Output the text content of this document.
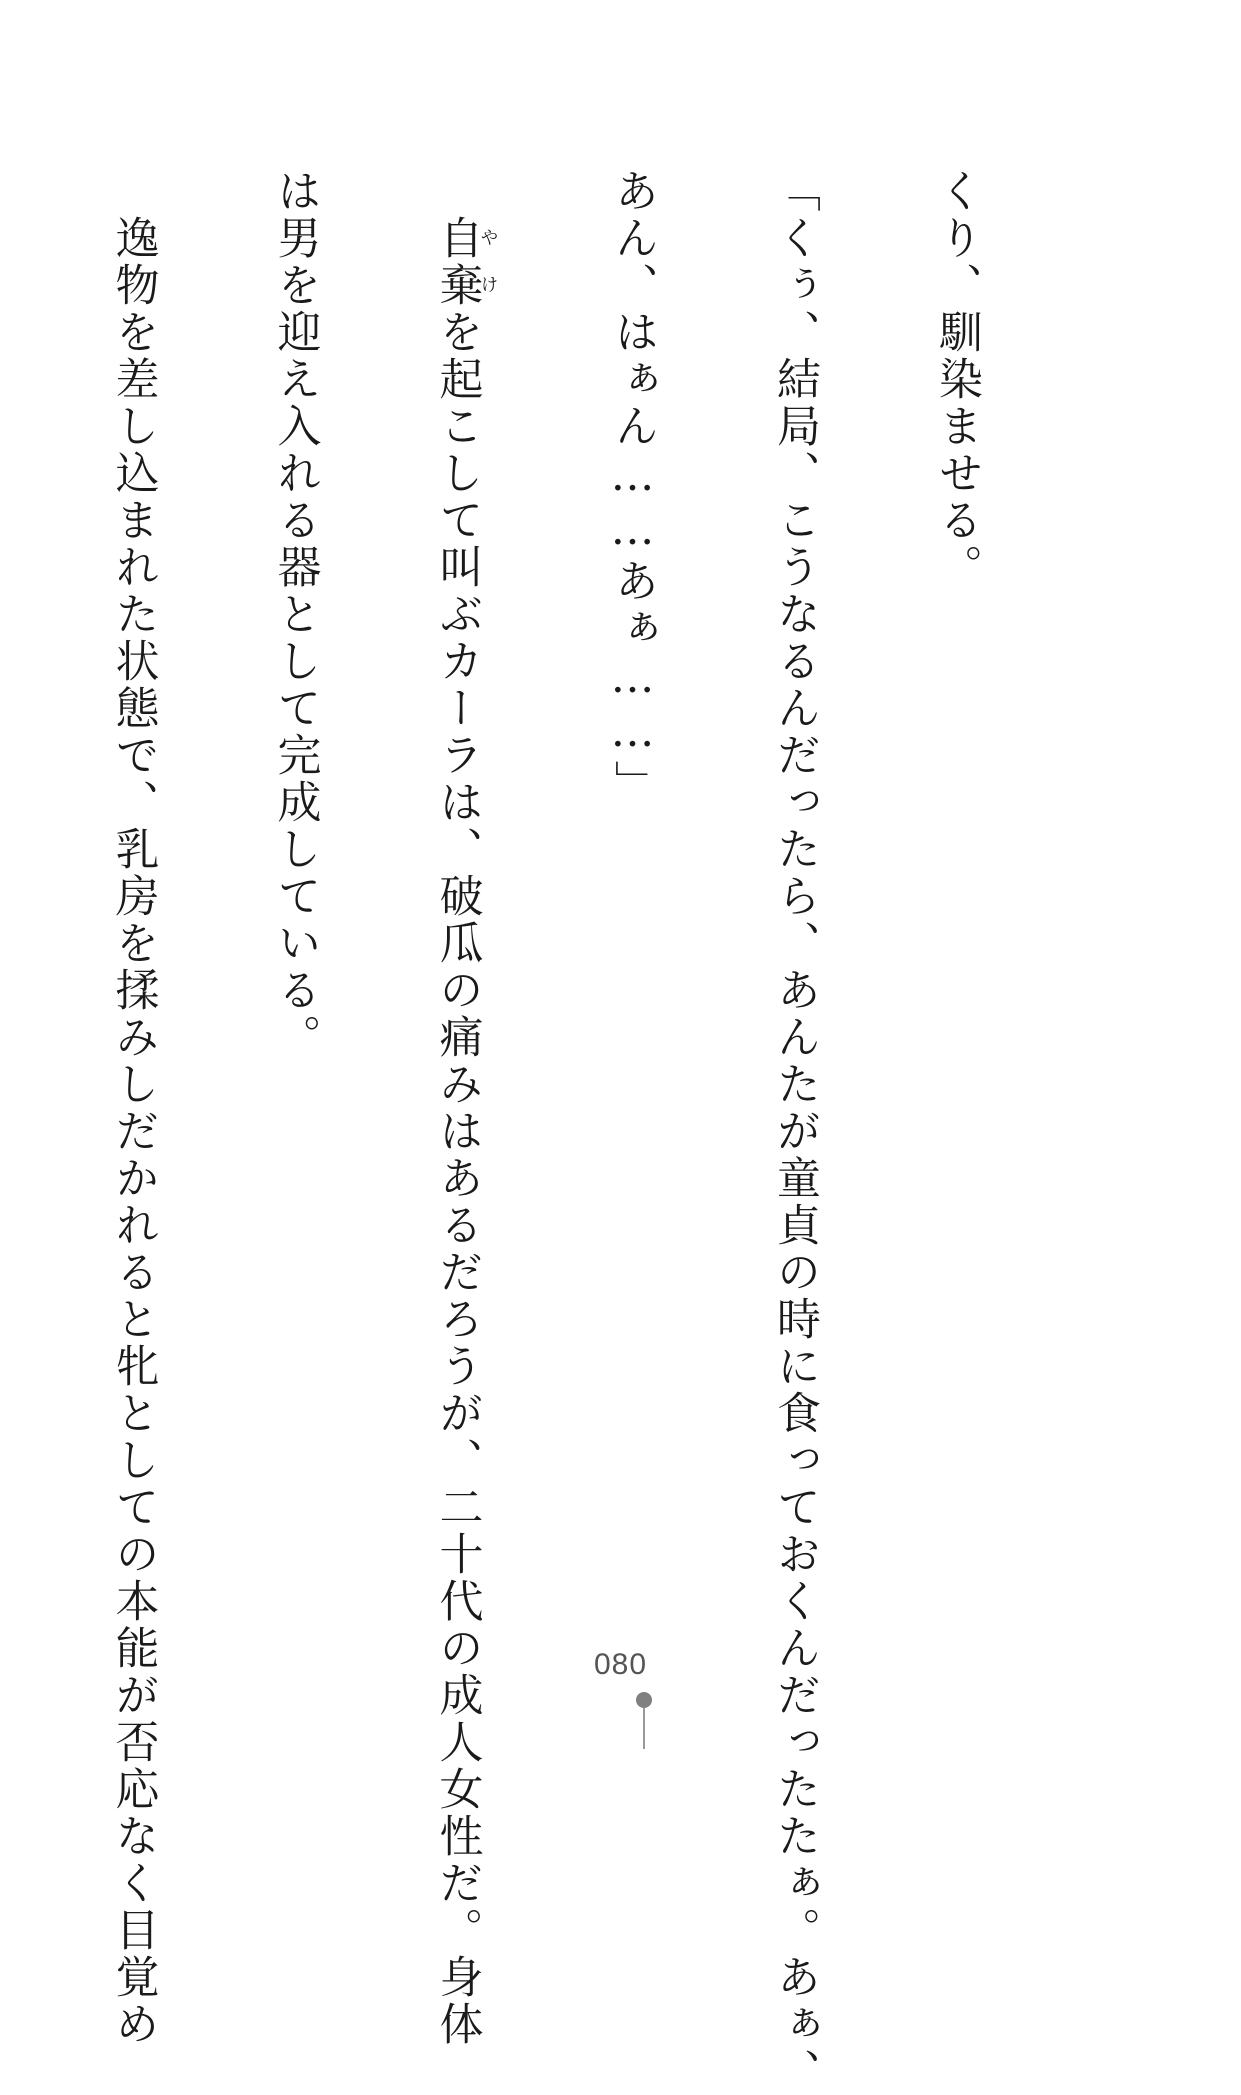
くり、馴染ませる。

「くぅ、結局、こうなるんだったら、あんたが童貞の時に食っておくんだったたぁ。あぁ、

あん、はぁん……あぁ……」

　自棄やけを起こして叫ぶカーラは、破瓜の痛みはあるだろうが、二十代の成人女性だ。身体

は男を迎え入れる器として完成している。

　逸物を差し込まれた状態で、乳房を揉みしだかれると牝としての本能が否応なく目覚め

	080
